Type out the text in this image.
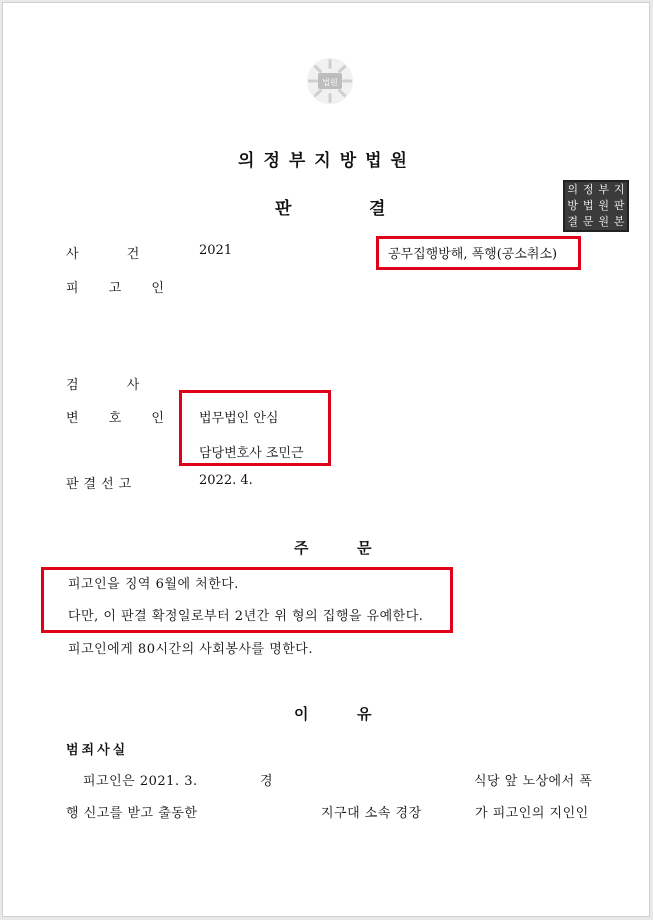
법원
의정부지방법원
판	결
의 정 부 지
방 법 원 판
결 문 원 본
사 건	2021	공무집행방해, 폭행(공소취소)
피 고 인
검 사
변 호 인 법무법인 안심
담당변호사 조민근
판결선고	2022. 4.
주	문
피고인을 징역 6월에 처한다.
다만, 이 판결 확정일로부터 2년간 위 형의 집행을 유예한다.
피고인에게 80시간의 사회봉사를 명한다.
이	유
범죄사실
피고인은 2021. 3.	경	식당 앞 노상에서 폭
행 신고를 받고 출동한	지구대 소속 경장	가 피고인의 지인인
